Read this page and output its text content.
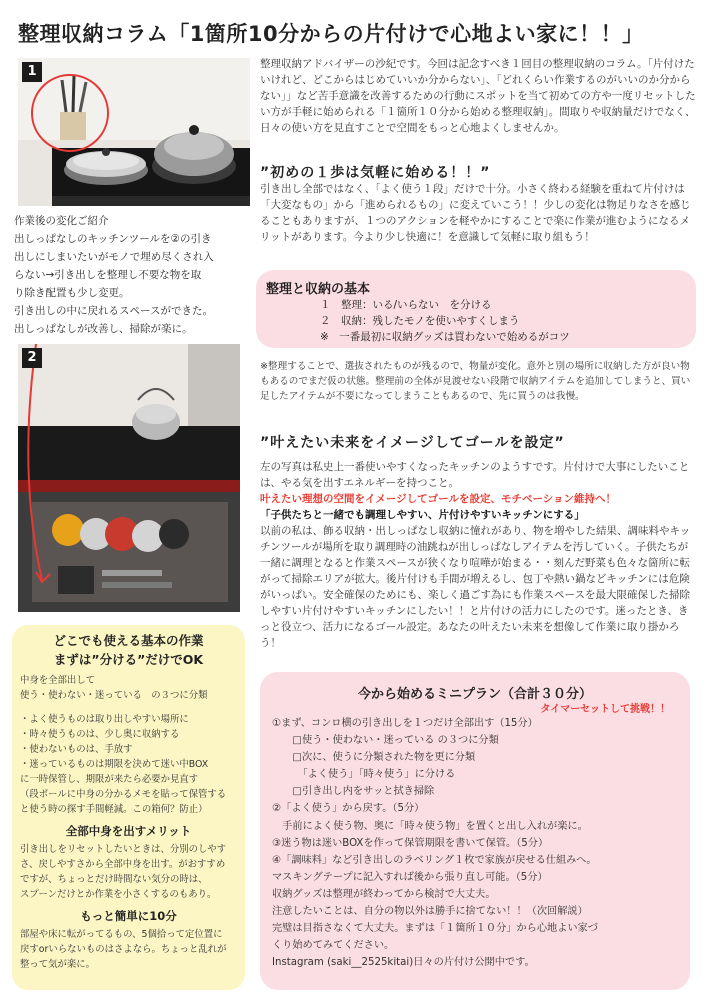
整理収納コラム「1箇所10分からの片付けで心地よい家に！！」
1
作業後の変化ご紹介
出しっぱなしのキッチンツールを②の引き
出しにしまいたいがモノで埋め尽くされ入
らない→引き出しを整理し不要な物を取
り除き配置も少し変更。
引き出しの中に戻れるスペースができた。
出しっぱなしが改善し、掃除が楽に。
2
整理収納アドバイザーの沙紀です。今回は記念すべき１回目の整理収納のコラム。「片付けたいけれど、どこからはじめていいか分からない」、「どれくらい作業するのがいいのか分からない」」など苦手意識を改善するための行動にスポットを当て初めての方や一度リセットしたい方が手軽に始められる「１箇所１０分から始める整理収納」。間取りや収納量だけでなく、日々の使い方を見直すことで空間をもっと心地よくしませんか。
”初めの１歩は気軽に始める！！”
引き出し全部ではなく、「よく使う１段」だけで十分。小さく終わる経験を重ねて片付けは「大変なもの」から「進められるもの」に変えていこう！！少しの変化は物足りなさを感じることもありますが、１つのアクションを軽やかにすることで楽に作業が進むようになるメリットがあります。今より少し快適に！を意識して気軽に取り組もう！
整理と収納の基本
１　整理：いる/いらない　を分ける
２　収納：残したモノを使いやすくしまう
※　一番最初に収納グッズは買わないで始めるがコツ
※整理することで、選抜されたものが残るので、物量が変化。意外と別の場所に収納した方が良い物もあるのでまだ仮の状態。整理前の全体が見渡せない段階で収納アイテムを追加してしまうと、買い足したアイテムが不要になってしまうこともあるので、先に買うのは我慢。
”叶えたい未来をイメージしてゴールを設定”

左の写真は私史上一番使いやすくなったキッチンのようすです。片付けで大事にしたいことは、やる気を出すエネルギーを持つこと。

叶えたい理想の空間をイメージしてゴールを設定、モチベーション維持へ！

「子供たちと一緒でも調理しやすい、片付けやすいキッチンにする」

以前の私は、飾る収納・出しっぱなし収納に憧れがあり、物を増やした結果、調味料やキッチンツールが場所を取り調理時の油跳ねが出しっぱなしアイテムを汚していく。子供たちが一緒に調理となると作業スペースが狭くなり喧嘩が始まる・・刻んだ野菜も色々な箇所に転がって掃除エリアが拡大。後片付けも手間が増えるし、包丁や熱い鍋などキッチンには危険がいっぱい。安全確保のためにも、楽しく過ごす為にも作業スペースを最大限確保した掃除しやすい片付けやすいキッチンにしたい！！と片付けの活力にしたのです。迷ったとき、きっと役立つ、活力になるゴール設定。あなたの叶えたい未来を想像して作業に取り掛かろう！

どこでも使える基本の作業
まずは”分ける”だけでOK
中身を全部出して
使う・使わない・迷っている　の３つに分類
・よく使うものは取り出しやすい場所に
・時々使うものは、少し奥に収納する
・使わないものは、手放す
・迷っているものは期限を決めて迷い中BOX
に一時保管し、期限が来たら必要か見直す
（段ボールに中身の分かるメモを貼って保管する
と使う時の探す手間軽減。この箱何？防止）
全部中身を出すメリット
引き出しをリセットしたいときは、分別のしやす
さ、戻しやすさから全部中身を出す。がおすすめ
ですが、ちょっとだけ時間ない気分の時は、
スプーンだけとか作業を小さくするのもあり。
もっと簡単に10分
部屋や床に転がってるもの、5個拾って定位置に
戻すorいらないものはさよなら。ちょっと乱れが
整って気が楽に。
今から始めるミニプラン（合計３０分）
タイマーセットして挑戦！！
①まず、コンロ横の引き出しを１つだけ全部出す（15分）
　　□使う・使わない・迷っている の３つに分類
　　□次に、使うに分類された物を更に分類
　　　「よく使う」「時々使う」に分ける
　　□引き出し内をサッと拭き掃除
②「よく使う」から戻す。（5分）
　手前によく使う物、奥に「時々使う物」を置くと出し入れが楽に。
③迷う物は迷いBOXを作って保管期限を書いて保管。（5分）
④「調味料」など引き出しのラベリング１枚で家族が戻せる仕組みへ。
マスキングテープに記入すれば後から張り直し可能。（5分）
収納グッズは整理が終わってから検討で大丈夫。
注意したいことは、自分の物以外は勝手に捨てない！！（次回解説）
完璧は目指さなくて大丈夫。まずは「１箇所１０分」から心地よい家づ
くり始めてみてください。
Instagram (saki__2525kitai)日々の片付け公開中です。
